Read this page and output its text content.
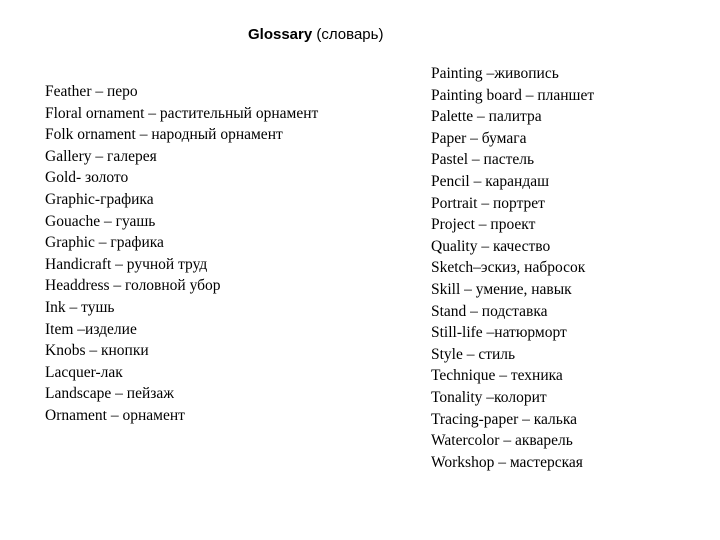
Glossary (словарь)
Feather – перо
Floral ornament – растительный орнамент
Folk ornament – народный орнамент
Gallery – галерея
Gold- золото
Graphic-графика
Gouache – гуашь
Graphic – графика
Handicraft – ручной труд
Headdress – головной убор
Ink – тушь
Item –изделие
Knobs – кнопки
Lacquer-лак
Landscape – пейзаж
Ornament – орнамент
Painting –живопись
Painting board – планшет
Palette – палитра
Paper – бумага
Pastel – пастель
Pencil – карандаш
Portrait – портрет
Project – проект
Quality – качество
Sketch–эскиз, набросок
Skill – умение, навык
Stand – подставка
Still-life –натюрморт
Style – стиль
Technique – техника
Tonality –колорит
Tracing-paper – калька
Watercolor – акварель
Workshop – мастерская
